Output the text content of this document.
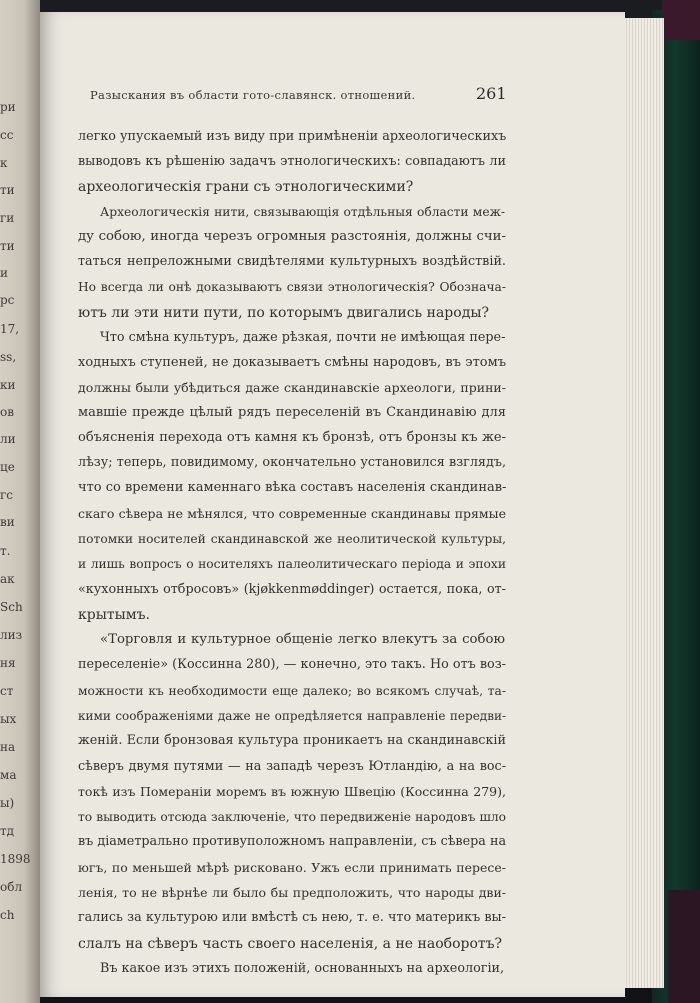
ри
cc
к
ти
ги
ти
и
рс
17,
ss,
ки
ов
ли
це
гс
ви
т.
ак
Sch
лиз
ня
ст
ых
на
ма
ы)
тд
1898
обл
ch
Разыскания въ области гото-славянск. отношений.	261
легко упускаемый изъ виду при примѣненiи археологическихъ
выводовъ къ рѣшенiю задачъ этнологическихъ: совпадаютъ ли
археологическiя грани съ этнологическими?
Археологическiя нити, связывающiя отдѣльныя области меж-
ду собою, иногда черезъ огромныя разстоянiя, должны счи-
таться непреложными свидѣтелями культурныхъ воздѣйствiй.
Но всегда ли онѣ доказываютъ связи этнологическiя? Обознача-
ютъ ли эти нити пути, по которымъ двигались народы?
Что смѣна культуръ, даже рѣзкая, почти не имѣющая пере-
ходныхъ ступеней, не доказываетъ смѣны народовъ, въ этомъ
должны были убѣдиться даже скандинавскiе археологи, прини-
мавшiе прежде цѣлый рядъ переселенiй въ Скандинавiю для
объясненiя перехода отъ камня къ бронзѣ, отъ бронзы къ же-
лѣзу; теперь, повидимому, окончательно установился взглядъ,
что со времени каменнаго вѣка составъ населенiя скандинав-
скаго сѣвера не мѣнялся, что современные скандинавы прямые
потомки носителей скандинавской же неолитической культуры,
и лишь вопросъ о носителяхъ палеолитическаго перiода и эпохи
«кухонныхъ отбросовъ» (kjøkkenmøddinger) остается, пока, от-
крытымъ.
«Торговля и культурное общенiе легко влекутъ за собою
переселенiе» (Коссинна 280), — конечно, это такъ. Но отъ воз-
можности къ необходимости еще далеко; во всякомъ случаѣ, та-
кими соображенiями даже не опредѣляется направленiе передви-
женiй. Если бронзовая культура проникаетъ на скандинавскiй
сѣверъ двумя путями — на западѣ черезъ Ютландiю, а на вос-
токѣ изъ Померанiи моремъ въ южную Швецiю (Коссинна 279),
то выводить отсюда заключенiе, что передвиженiе народовъ шло
въ дiаметрально противуположномъ направленiи, съ сѣвера на
югъ, по меньшей мѣрѣ рисковано. Ужъ если принимать пересе-
ленiя, то не вѣрнѣе ли было бы предположить, что народы дви-
гались за культурою или вмѣстѣ съ нею, т. е. что материкъ вы-
слалъ на сѣверъ часть своего населенiя, а не наоборотъ?
Въ какое изъ этихъ положенiй, основанныхъ на археологiи,
